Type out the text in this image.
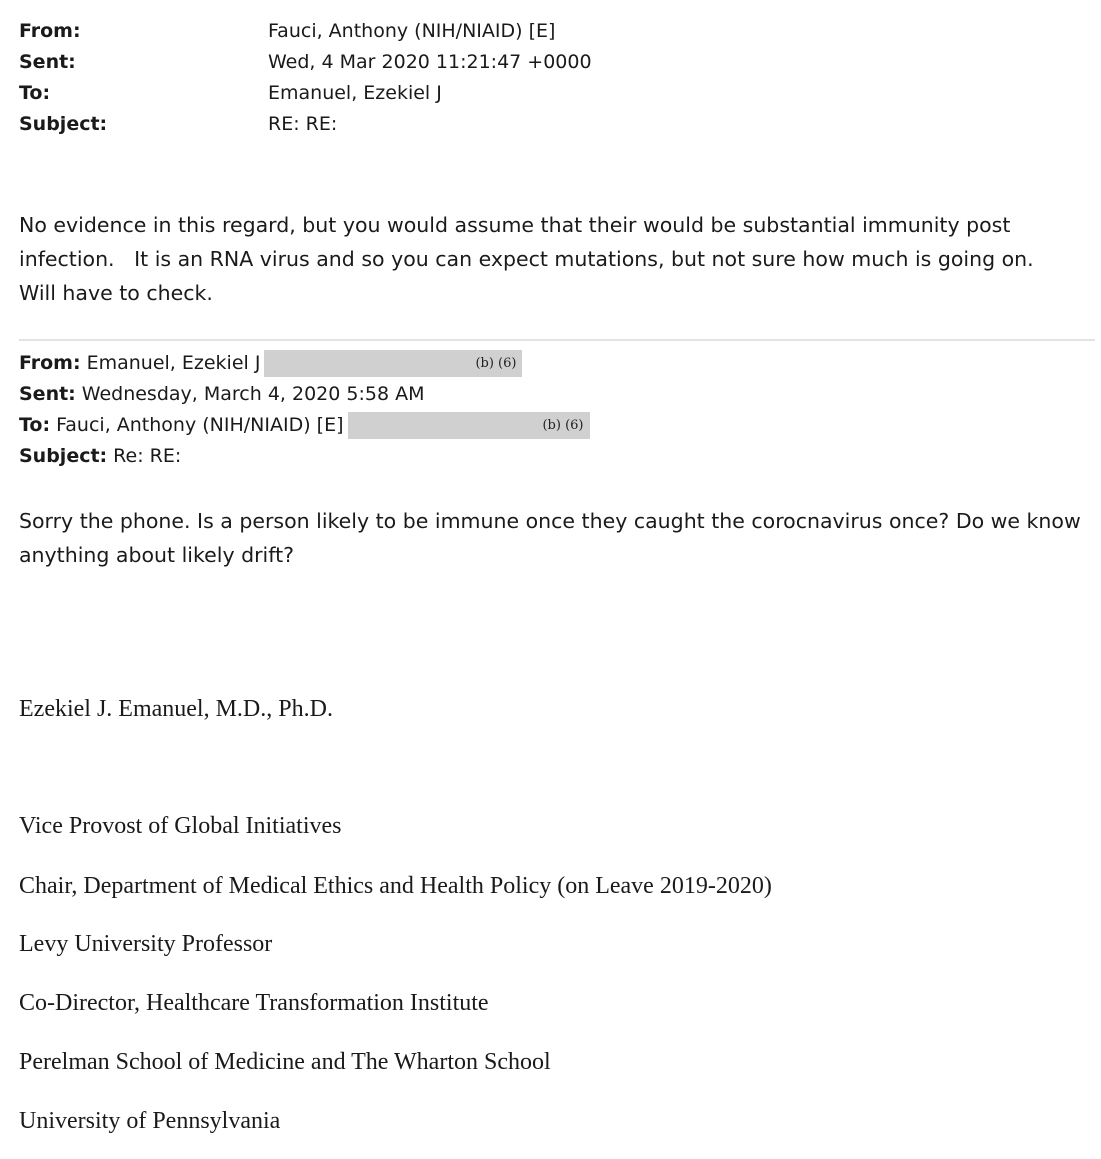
From:	Fauci, Anthony (NIH/NIAID) [E]
Sent:	Wed, 4 Mar 2020 11:21:47 +0000
To:	Emanuel, Ezekiel J
Subject:	RE: RE:
No evidence in this regard, but you would assume that their would be substantial immunity post infection.   It is an RNA virus and so you can expect mutations, but not sure how much is going on.   Will have to check.
From: Emanuel, Ezekiel J	(b) (6)
Sent: Wednesday, March 4, 2020 5:58 AM
To: Fauci, Anthony (NIH/NIAID) [E]	(b) (6)
Subject: Re: RE:
Sorry the phone. Is a person likely to be immune once they caught the corocnavirus once? Do we know anything about likely drift?
Ezekiel J. Emanuel, M.D., Ph.D.
Vice Provost of Global Initiatives
Chair, Department of Medical Ethics and Health Policy (on Leave 2019-2020)
Levy University Professor
Co-Director, Healthcare Transformation Institute
Perelman School of Medicine and The Wharton School
University of Pennsylvania
